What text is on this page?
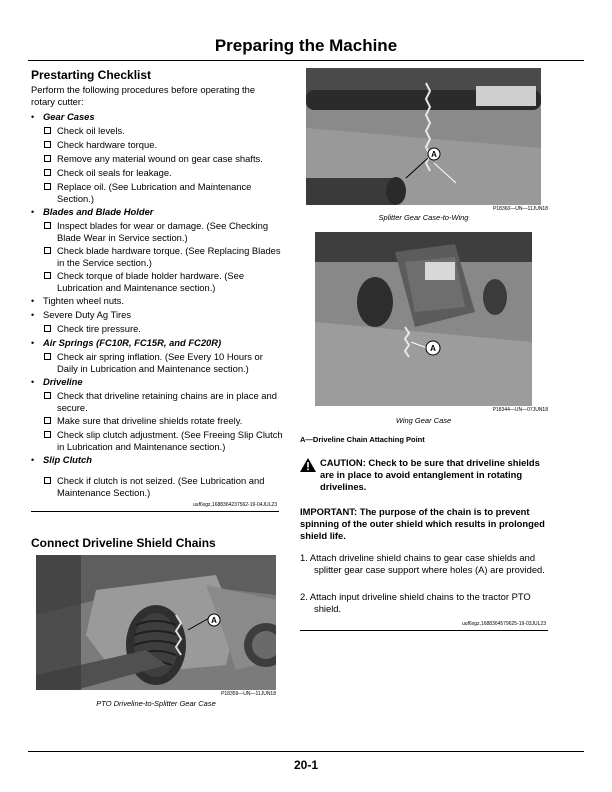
Preparing the Machine
Prestarting Checklist
Perform the following procedures before operating the rotary cutter:
• Gear Cases
Check oil levels.
Check hardware torque.
Remove any material wound on gear case shafts.
Check oil seals for leakage.
Replace oil. (See Lubrication and Maintenance Section.)
• Blades and Blade Holder
Inspect blades for wear or damage. (See Checking Blade Wear in Service section.)
Check blade hardware torque. (See Replacing Blades in the Service section.)
Check torque of blade holder hardware. (See Lubrication and Maintenance section.)
• Tighten wheel nuts.
• Severe Duty Ag Tires
Check tire pressure.
• Air Springs (FC10R, FC15R, and FC20R)
Check air spring inflation. (See Every 10 Hours or Daily in Lubrication and Maintenance section.)
• Driveline
Check that driveline retaining chains are in place and secure.
Make sure that driveline shields rotate freely.
Check slip clutch adjustment. (See Freeing Slip Clutch in Lubrication and Maintenance section.)
• Slip Clutch
Check if clutch is not seized. (See Lubrication and Maintenance Section.)
uuf6xgz,1688364237562-19-04JUL23
Connect Driveline Shield Chains
A
P18359—UN—11JUN18
PTO Driveline-to-Splitter Gear Case
A
P18360—UN—11JUN18
Splitter Gear Case-to-Wing
A
P18344—UN—07JUN18
Wing Gear Case
A—Driveline Chain Attaching Point
CAUTION: Check to be sure that driveline shields are in place to avoid entanglement in rotating drivelines.
IMPORTANT: The purpose of the chain is to prevent spinning of the outer shield which results in prolonged shield life.
1. Attach driveline shield chains to gear case shields and splitter gear case support where holes (A) are provided.
2. Attach input driveline shield chains to the tractor PTO shield.
uuf6xgz,1688364579625-19-03JUL23
20-1
